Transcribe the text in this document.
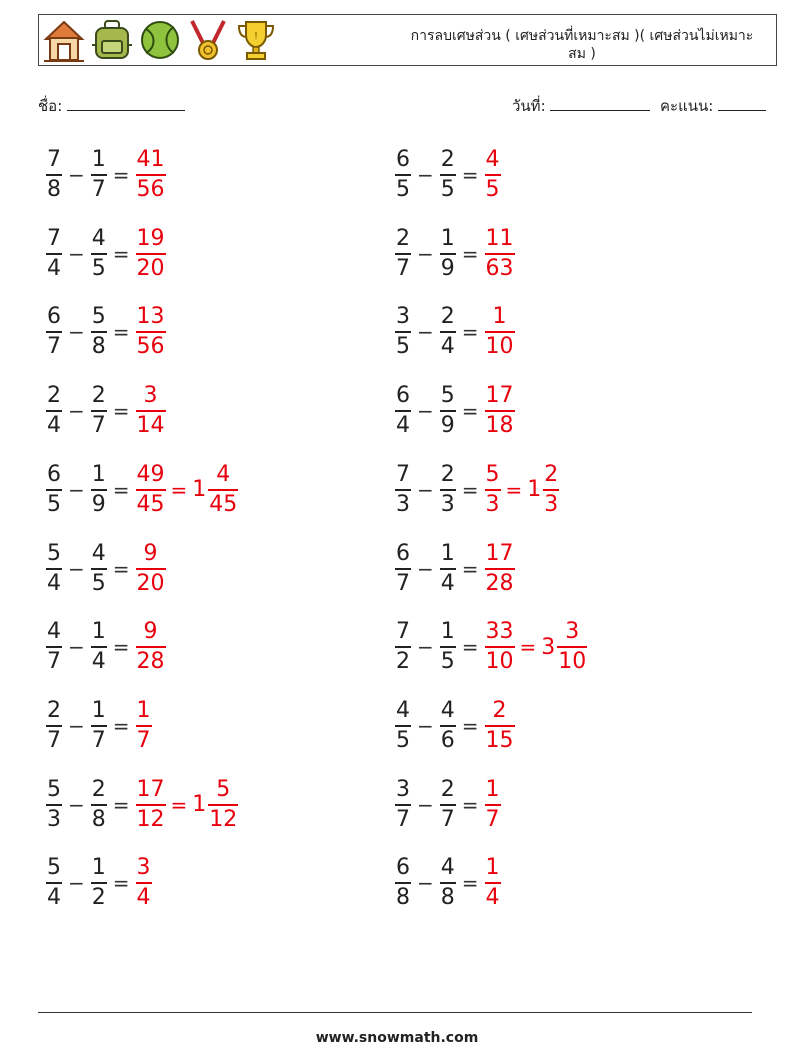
!	การลบเศษส่วน ( เศษส่วนที่เหมาะสม )( เศษส่วนไม่เหมาะสม )
ชื่อ:	วันที่:	คะแนน:
$\frac{7}{8} - \frac{1}{7} = \frac{41}{56}$	$\frac{6}{5} - \frac{2}{5} = \frac{4}{5}$
$\frac{7}{4} - \frac{4}{5} = \frac{19}{20}$	$\frac{2}{7} - \frac{1}{9} = \frac{11}{63}$
$\frac{6}{7} - \frac{5}{8} = \frac{13}{56}$	$\frac{3}{5} - \frac{2}{4} = \frac{1}{10}$
$\frac{2}{4} - \frac{2}{7} = \frac{3}{14}$	$\frac{6}{4} - \frac{5}{9} = \frac{17}{18}$
$\frac{6}{5} - \frac{1}{9} = \frac{49}{45} = 1 \frac{4}{45}$	$\frac{7}{3} - \frac{2}{3} = \frac{5}{3} = 1 \frac{2}{3}$
$\frac{5}{4} - \frac{4}{5} = \frac{9}{20}$	$\frac{6}{7} - \frac{1}{4} = \frac{17}{28}$
$\frac{4}{7} - \frac{1}{4} = \frac{9}{28}$	$\frac{7}{2} - \frac{1}{5} = \frac{33}{10} = 3 \frac{3}{10}$
$\frac{2}{7} - \frac{1}{7} = \frac{1}{7}$	$\frac{4}{5} - \frac{4}{6} = \frac{2}{15}$
$\frac{5}{3} - \frac{2}{8} = \frac{17}{12} = 1 \frac{5}{12}$	$\frac{3}{7} - \frac{2}{7} = \frac{1}{7}$
$\frac{5}{4} - \frac{1}{2} = \frac{3}{4}$	$\frac{6}{8} - \frac{4}{8} = \frac{1}{4}$
www.snowmath.com
